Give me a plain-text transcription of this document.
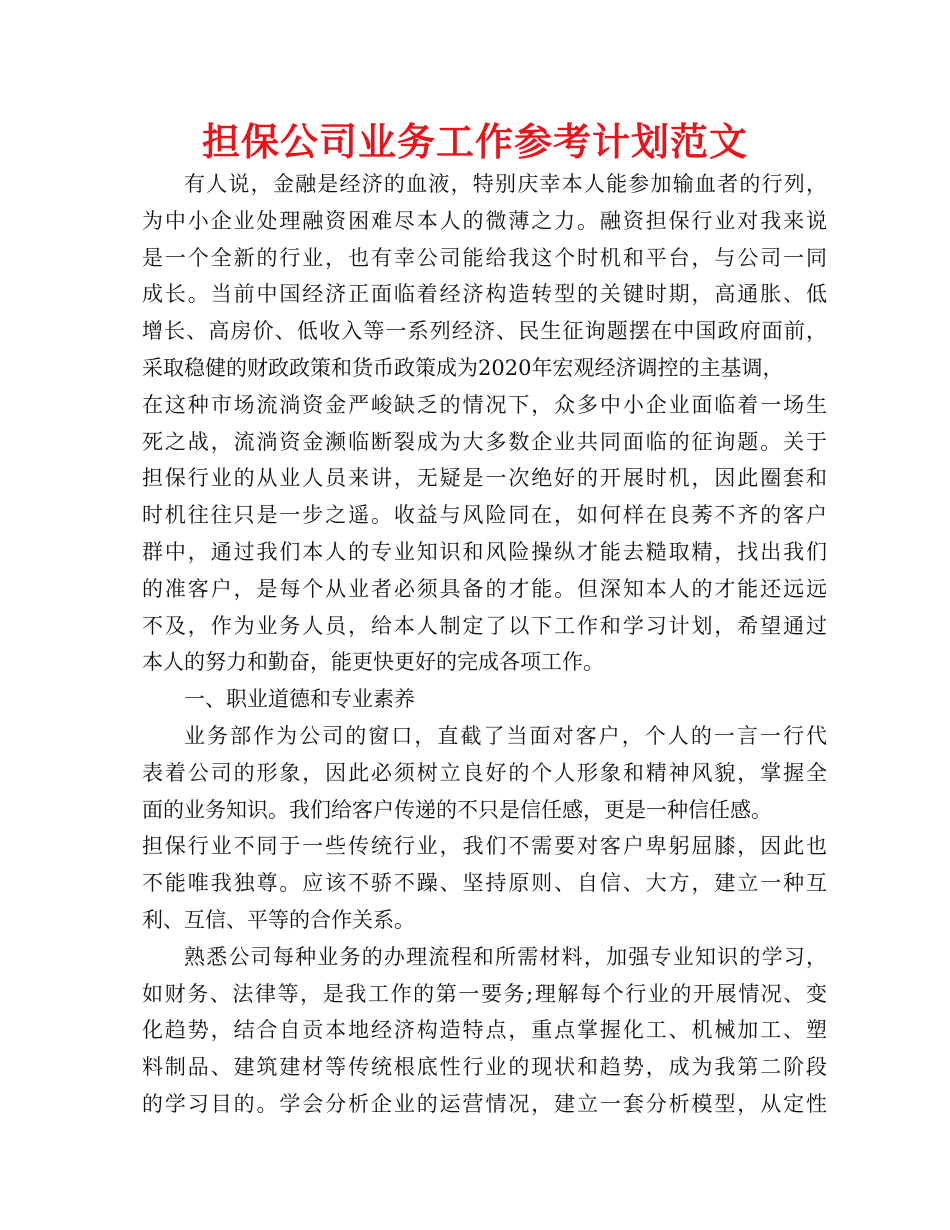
担保公司业务工作参考计划范文
有人说，金融是经济的血液，特别庆幸本人能参加输血者的行列，
为中小企业处理融资困难尽本人的微薄之力。融资担保行业对我来说
是一个全新的行业，也有幸公司能给我这个时机和平台，与公司一同
成长。当前中国经济正面临着经济构造转型的关键时期，高通胀、低
增长、高房价、低收入等一系列经济、民生征询题摆在中国政府面前，
采取稳健的财政政策和货币政策成为2020年宏观经济调控的主基调，
在这种市场流淌资金严峻缺乏的情况下，众多中小企业面临着一场生
死之战，流淌资金濒临断裂成为大多数企业共同面临的征询题。关于
担保行业的从业人员来讲，无疑是一次绝好的开展时机，因此圈套和
时机往往只是一步之遥。收益与风险同在，如何样在良莠不齐的客户
群中，通过我们本人的专业知识和风险操纵才能去糙取精，找出我们
的准客户，是每个从业者必须具备的才能。但深知本人的才能还远远
不及，作为业务人员，给本人制定了以下工作和学习计划，希望通过
本人的努力和勤奋，能更快更好的完成各项工作。
一、职业道德和专业素养
业务部作为公司的窗口，直截了当面对客户，个人的一言一行代
表着公司的形象，因此必须树立良好的个人形象和精神风貌，掌握全
面的业务知识。我们给客户传递的不只是信任感，更是一种信任感。
担保行业不同于一些传统行业，我们不需要对客户卑躬屈膝，因此也
不能唯我独尊。应该不骄不躁、坚持原则、自信、大方，建立一种互
利、互信、平等的合作关系。
熟悉公司每种业务的办理流程和所需材料，加强专业知识的学习，
如财务、法律等，是我工作的第一要务;理解每个行业的开展情况、变
化趋势，结合自贡本地经济构造特点，重点掌握化工、机械加工、塑
料制品、建筑建材等传统根底性行业的现状和趋势，成为我第二阶段
的学习目的。学会分析企业的运营情况，建立一套分析模型，从定性
